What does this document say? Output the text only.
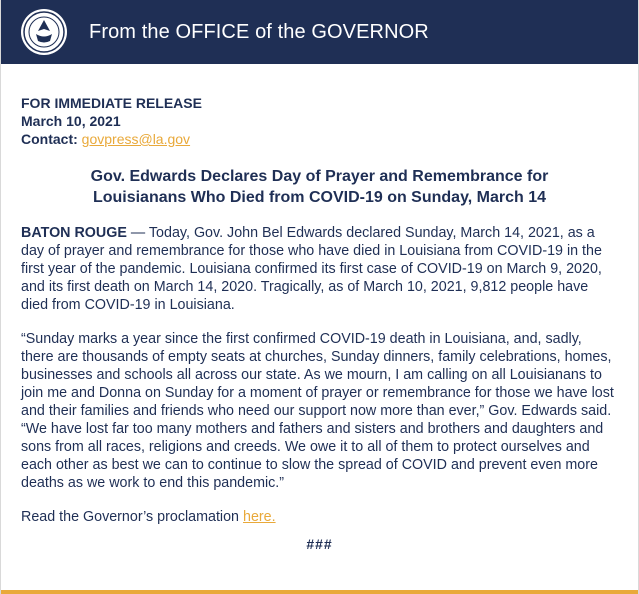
From the OFFICE of the GOVERNOR
FOR IMMEDIATE RELEASE
March 10, 2021
Contact: govpress@la.gov
Gov. Edwards Declares Day of Prayer and Remembrance for
Louisianans Who Died from COVID-19 on Sunday, March 14
BATON ROUGE — Today, Gov. John Bel Edwards declared Sunday, March 14, 2021, as a day of prayer and remembrance for those who have died in Louisiana from COVID-19 in the first year of the pandemic. Louisiana confirmed its first case of COVID-19 on March 9, 2020, and its first death on March 14, 2020. Tragically, as of March 10, 2021, 9,812 people have died from COVID-19 in Louisiana.
“Sunday marks a year since the first confirmed COVID-19 death in Louisiana, and, sadly, there are thousands of empty seats at churches, Sunday dinners, family celebrations, homes, businesses and schools all across our state. As we mourn, I am calling on all Louisianans to join me and Donna on Sunday for a moment of prayer or remembrance for those we have lost and their families and friends who need our support now more than ever,” Gov. Edwards said. “We have lost far too many mothers and fathers and sisters and brothers and daughters and sons from all races, religions and creeds. We owe it to all of them to protect ourselves and each other as best we can to continue to slow the spread of COVID and prevent even more deaths as we work to end this pandemic.”
Read the Governor’s proclamation here.
###
